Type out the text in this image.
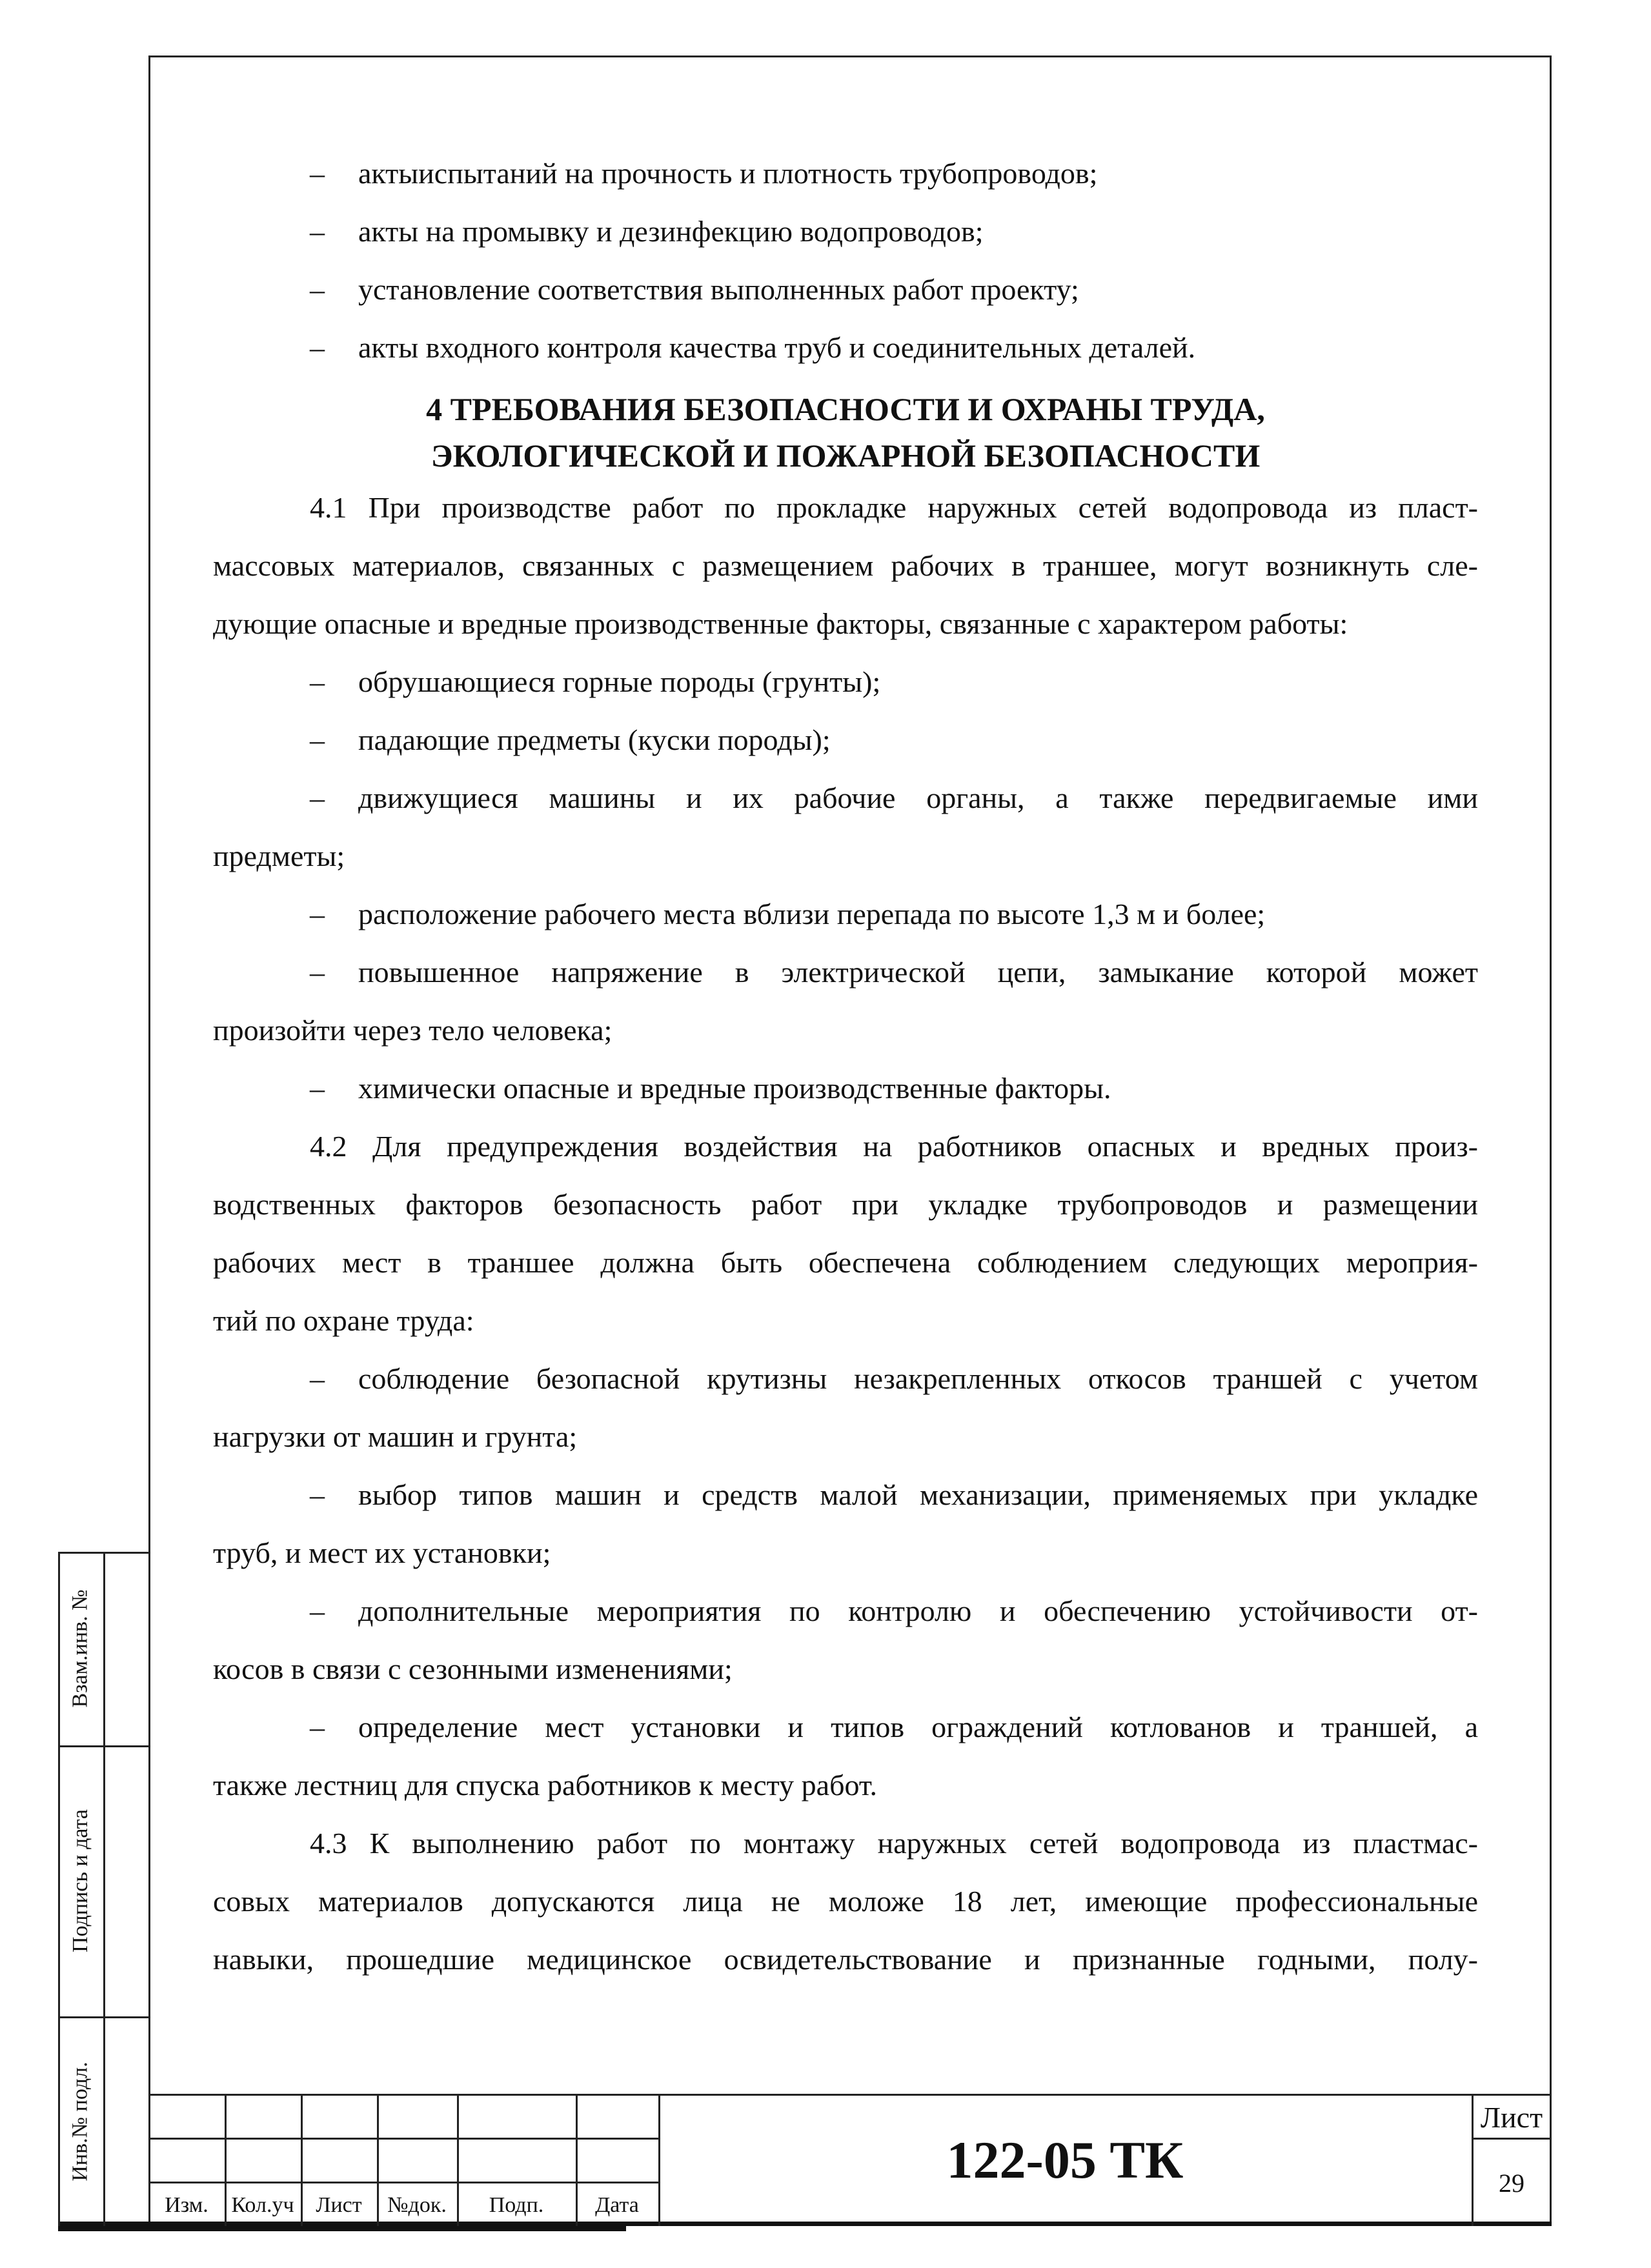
– актыиспытаний на прочность и плотность трубопроводов;
– акты на промывку и дезинфекцию водопроводов;
– установление соответствия выполненных работ проекту;
– акты входного контроля качества труб и соединительных деталей.
4 ТРЕБОВАНИЯ БЕЗОПАСНОСТИ И ОХРАНЫ ТРУДА,
ЭКОЛОГИЧЕСКОЙ И ПОЖАРНОЙ БЕЗОПАСНОСТИ
4.1 При производстве работ по прокладке наружных сетей водопровода из пласт-
массовых материалов, связанных с размещением рабочих в траншее, могут возникнуть сле-
дующие опасные и вредные производственные факторы, связанные с характером работы:
– обрушающиеся горные породы (грунты);
– падающие предметы (куски породы);
– движущиеся машины и их рабочие органы, а также передвигаемые ими
предметы;
– расположение рабочего места вблизи перепада по высоте 1,3 м и более;
– повышенное напряжение в электрической цепи, замыкание которой может
произойти через тело человека;
– химически опасные и вредные производственные факторы.
4.2 Для предупреждения воздействия на работников опасных и вредных произ-
водственных факторов безопасность работ при укладке трубопроводов и размещении
рабочих мест в траншее должна быть обеспечена соблюдением следующих мероприя-
тий по охране труда:
– соблюдение безопасной крутизны незакрепленных откосов траншей с учетом
нагрузки от машин и грунта;
– выбор типов машин и средств малой механизации, применяемых при укладке
труб, и мест их установки;
– дополнительные мероприятия по контролю и обеспечению устойчивости от-
косов в связи с сезонными изменениями;
– определение мест установки и типов ограждений котлованов и траншей, а
также лестниц для спуска работников к месту работ.
4.3 К выполнению работ по монтажу наружных сетей водопровода из пластмас-
совых материалов допускаются лица не моложе 18 лет, имеющие профессиональные
навыки, прошедшие медицинское освидетельствование и признанные годными, полу-
Взам.инв. №
Подпись и дата
Инв.№ подл.
Изм.	Кол.уч Лист	№док.	Подп.	Дата
122-05 ТК
Лист
29
